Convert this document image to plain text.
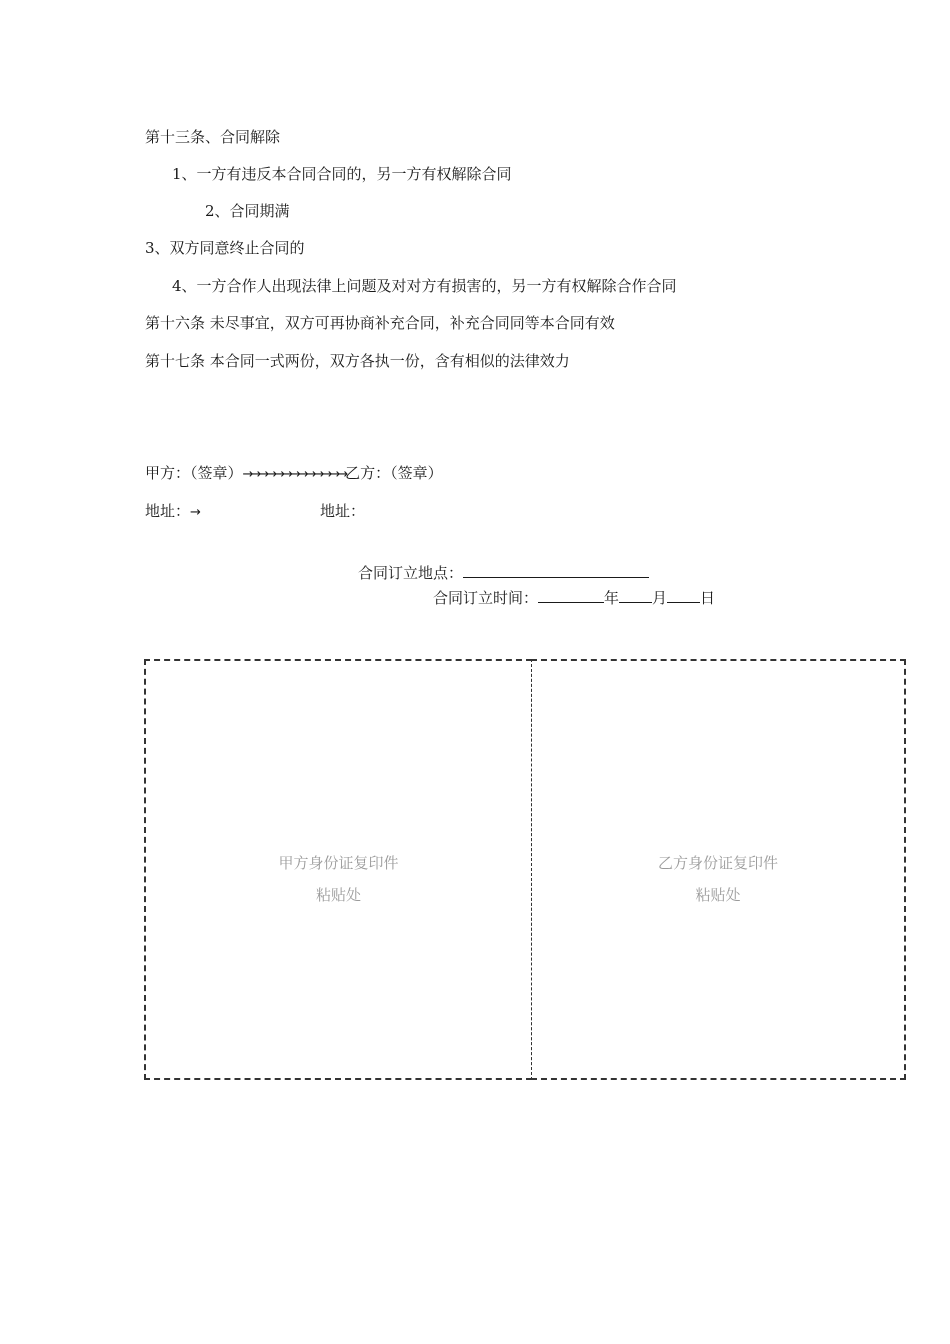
第十三条、合同解除
1、一方有违反本合同合同的，另一方有权解除合同
2、合同期满
3、双方同意终止合同的
4、一方合作人出现法律上问题及对对方有损害的，另一方有权解除合作合同
第十六条 未尽事宜，双方可再协商补充合同，补充合同同等本合同有效
第十七条 本合同一式两份，双方各执一份，含有相似的法律效力
甲方：（签章）→→→→→→→→→→→→→乙方：（签章）
地址：→	地址：
合同订立地点：
合同订立时间：	年 月 日
甲方身份证复印件
粘贴处
乙方身份证复印件
粘贴处
